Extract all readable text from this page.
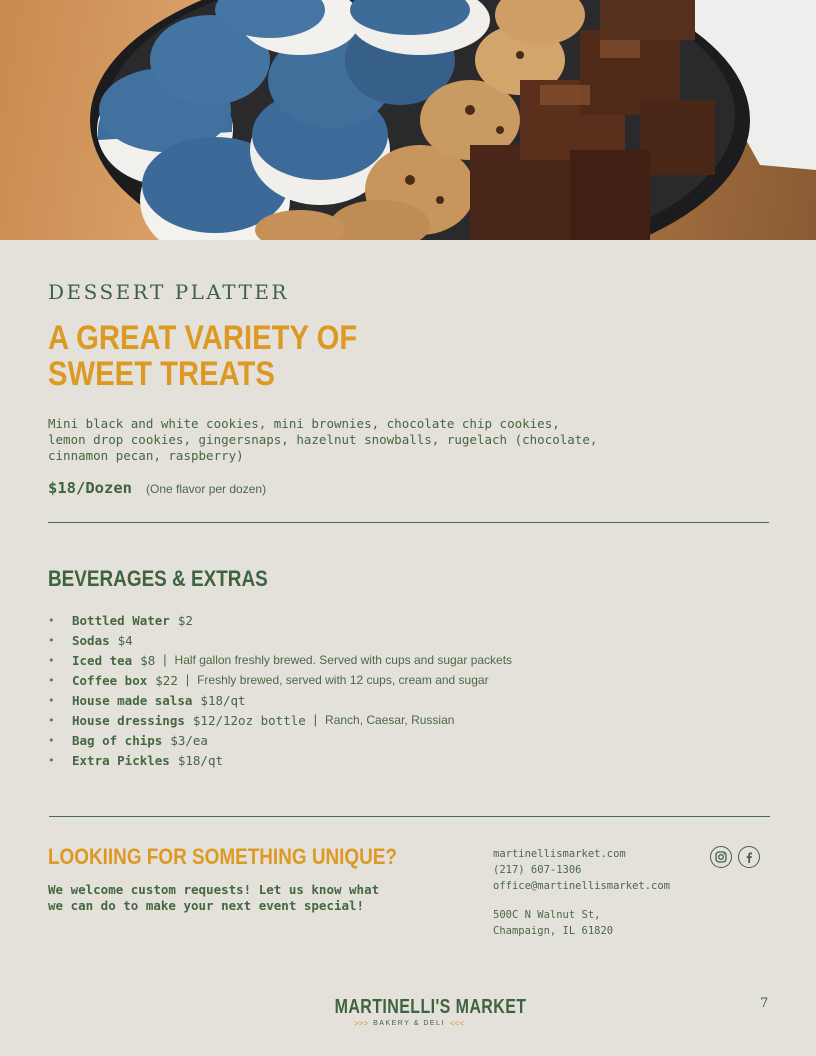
DESSERT PLATTER
A GREAT VARIETY OF
SWEET TREATS

Mini black and white cookies, mini brownies, chocolate chip cookies,
lemon drop cookies, gingersnaps, hazelnut snowballs, rugelach (chocolate,
cinnamon pecan, raspberry)

$18/Dozen (One flavor per dozen)
BEVERAGES & EXTRAS
•	Bottled Water $2
•	Sodas $4
•	Iced tea $8 | Half gallon freshly brewed. Served with cups and sugar packets
•	Coffee box $22 | Freshly brewed, served with 12 cups, cream and sugar
•	House made salsa $18/qt
•	House dressings $12/12oz bottle | Ranch, Caesar, Russian
•	Bag of chips $3/ea
•	Extra Pickles $18/qt
LOOKIING FOR SOMETHING UNIQUE?

We welcome custom requests! Let us know what
we can do to make your next event special!

martinellismarket.com
(217) 607-1306
office@martinellismarket.com
500C N Walnut St,
Champaign, IL 61820
MARTINELLI'S MARKET
>>> BAKERY & DELI <<<
7
